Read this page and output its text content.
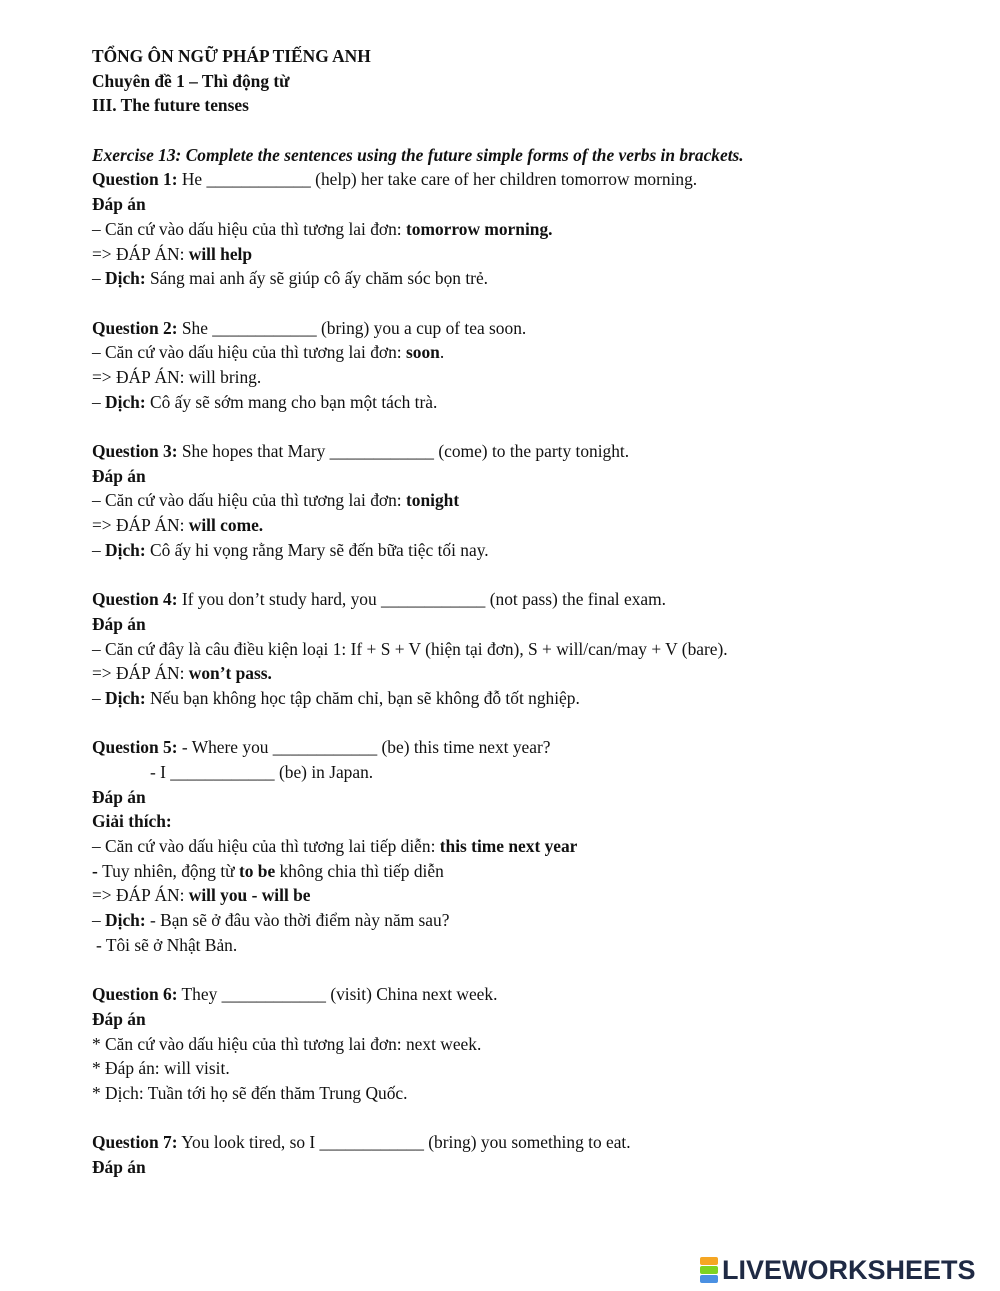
TỔNG ÔN NGỮ PHÁP TIẾNG ANH
Chuyên đề 1 – Thì động từ
III. The future tenses
Exercise 13: Complete the sentences using the future simple forms of the verbs in brackets.
Question 1: He ____________ (help) her take care of her children tomorrow morning.
Đáp án
– Căn cứ vào dấu hiệu của thì tương lai đơn: tomorrow morning.
=> ĐÁP ÁN: will help
– Dịch: Sáng mai anh ấy sẽ giúp cô ấy chăm sóc bọn trẻ.
Question 2: She ____________ (bring) you a cup of tea soon.
– Căn cứ vào dấu hiệu của thì tương lai đơn: soon.
=> ĐÁP ÁN: will bring.
– Dịch: Cô ấy sẽ sớm mang cho bạn một tách trà.
Question 3: She hopes that Mary ____________ (come) to the party tonight.
Đáp án
– Căn cứ vào dấu hiệu của thì tương lai đơn: tonight
=> ĐÁP ÁN: will come.
– Dịch: Cô ấy hi vọng rằng Mary sẽ đến bữa tiệc tối nay.
Question 4: If you don’t study hard, you ____________ (not pass) the final exam.
Đáp án
– Căn cứ đây là câu điều kiện loại 1: If + S + V (hiện tại đơn), S + will/can/may + V (bare).
=> ĐÁP ÁN: won’t pass.
– Dịch: Nếu bạn không học tập chăm chỉ, bạn sẽ không đỗ tốt nghiệp.
Question 5: - Where you ____________ (be) this time next year?
- I ____________ (be) in Japan.
Đáp án
Giải thích:
– Căn cứ vào dấu hiệu của thì tương lai tiếp diễn: this time next year
- Tuy nhiên, động từ to be không chia thì tiếp diễn
=> ĐÁP ÁN: will you - will be
– Dịch: - Bạn sẽ ở đâu vào thời điểm này năm sau?
- Tôi sẽ ở Nhật Bản.
Question 6: They ____________ (visit) China next week.
Đáp án
* Căn cứ vào dấu hiệu của thì tương lai đơn: next week.
* Đáp án: will visit.
* Dịch: Tuần tới họ sẽ đến thăm Trung Quốc.
Question 7: You look tired, so I ____________ (bring) you something to eat.
Đáp án
LIVEWORKSHEETS
